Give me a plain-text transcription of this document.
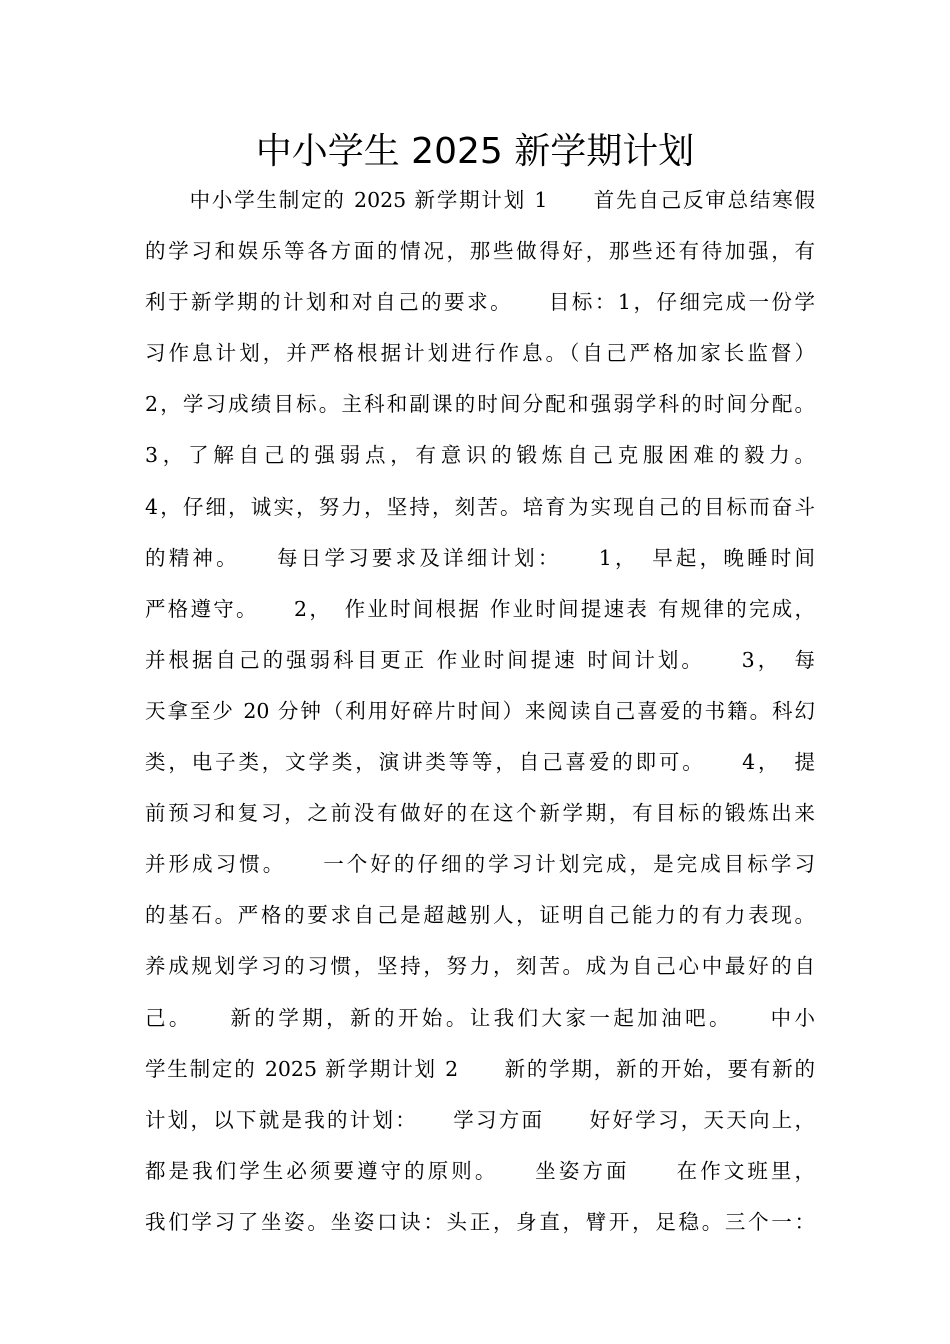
中小学生 2025 新学期计划
　　中小学生制定的 2025 新学期计划 1　　首先自己反审总结寒假
的学习和娱乐等各方面的情况，那些做得好，那些还有待加强，有
利于新学期的计划和对自己的要求。　　目标：1，仔细完成一份学
习作息计划，并严格根据计划进行作息。（自己严格加家长监督）
2，学习成绩目标。主科和副课的时间分配和强弱学科的时间分配。
3，了解自己的强弱点，有意识的锻炼自己克服困难的毅力。
4，仔细，诚实，努力，坚持，刻苦。培育为实现自己的目标而奋斗
的精神。　　每日学习要求及详细计划：　　1，　早起，晚睡时间
严格遵守。　　2，　作业时间根据 作业时间提速表 有规律的完成，
并根据自己的强弱科目更正 作业时间提速 时间计划。　　3，　每
天拿至少 20 分钟（利用好碎片时间）来阅读自己喜爱的书籍。科幻
类，电子类，文学类，演讲类等等，自己喜爱的即可。　　4，　提
前预习和复习，之前没有做好的在这个新学期，有目标的锻炼出来
并形成习惯。　　一个好的仔细的学习计划完成，是完成目标学习
的基石。严格的要求自己是超越别人，证明自己能力的有力表现。
养成规划学习的习惯，坚持，努力，刻苦。成为自己心中最好的自
己。　　新的学期，新的开始。让我们大家一起加油吧。　　中小
学生制定的 2025 新学期计划 2　　新的学期，新的开始，要有新的
计划，以下就是我的计划：　　学习方面　　好好学习，天天向上，
都是我们学生必须要遵守的原则。　　坐姿方面　　在作文班里，
我们学习了坐姿。坐姿口诀：头正，身直，臂开，足稳。三个一：
